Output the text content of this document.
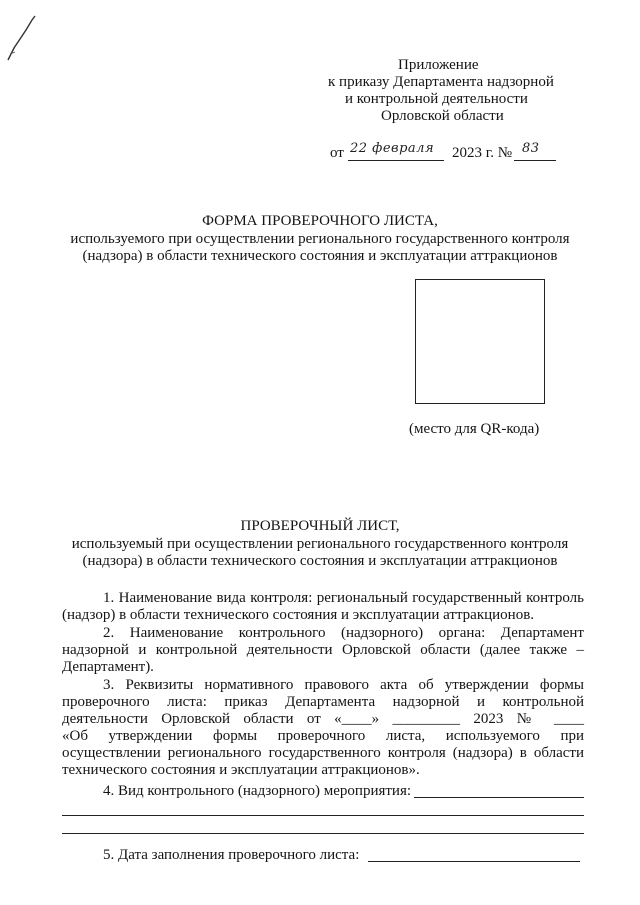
Приложение
к приказу Департамента надзорной
и контрольной деятельности
Орловской области
от 22 февраля 2023 г. № 83
ФОРМА ПРОВЕРОЧНОГО ЛИСТА,
используемого при осуществлении регионального государственного контроля
(надзора) в области технического состояния и эксплуатации аттракционов
(место для QR-кода)
ПРОВЕРОЧНЫЙ ЛИСТ,
используемый при осуществлении регионального государственного контроля
(надзора) в области технического состояния и эксплуатации аттракционов
1. Наименование вида контроля: региональный государственный контроль
(надзор) в области технического состояния и эксплуатации аттракционов.
2. Наименование контрольного (надзорного) органа: Департамент
надзорной и контрольной деятельности Орловской области (далее также –
Департамент).
3. Реквизиты нормативного правового акта об утверждении формы
проверочного листа: приказ Департамента надзорной и контрольной
деятельности Орловской области от «____» _________ 2023 № ____
«Об утверждении формы проверочного листа, используемого при
осуществлении регионального государственного контроля (надзора) в области
технического состояния и эксплуатации аттракционов».
4. Вид контрольного (надзорного) мероприятия:
5. Дата заполнения проверочного листа:
